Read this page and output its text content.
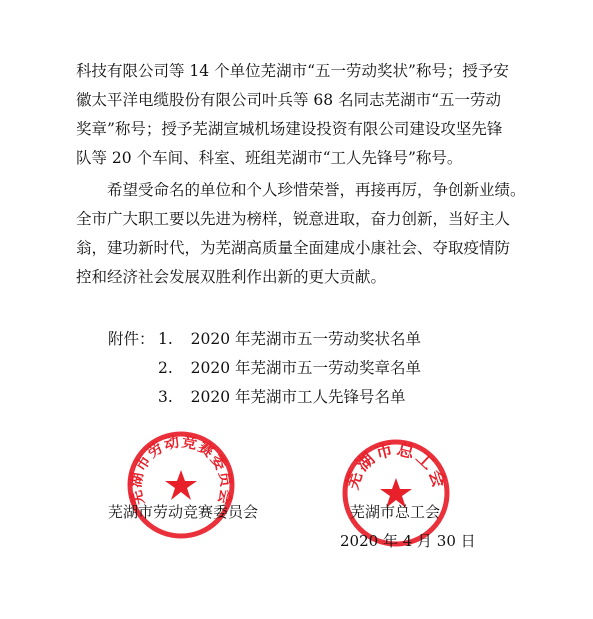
科技有限公司等 14 个单位芜湖市“五一劳动奖状”称号；授予安
徽太平洋电缆股份有限公司叶兵等 68 名同志芜湖市“五一劳动
奖章”称号；授予芜湖宣城机场建设投资有限公司建设攻坚先锋
队等 20 个车间、科室、班组芜湖市“工人先锋号”称号。
希望受命名的单位和个人珍惜荣誉，再接再厉，争创新业绩。
全市广大职工要以先进为榜样，锐意进取，奋力创新，当好主人
翁，建功新时代，为芜湖高质量全面建成小康社会、夺取疫情防
控和经济社会发展双胜利作出新的更大贡献。
附件： 1. 2020 年芜湖市五一劳动奖状名单
2. 2020 年芜湖市五一劳动奖章名单
3. 2020 年芜湖市工人先锋号名单
芜湖市劳动竞赛委员会
芜湖市总工会
芜湖市劳动竞赛委员会	芜湖市总工会
2020 年 4 月 30 日
